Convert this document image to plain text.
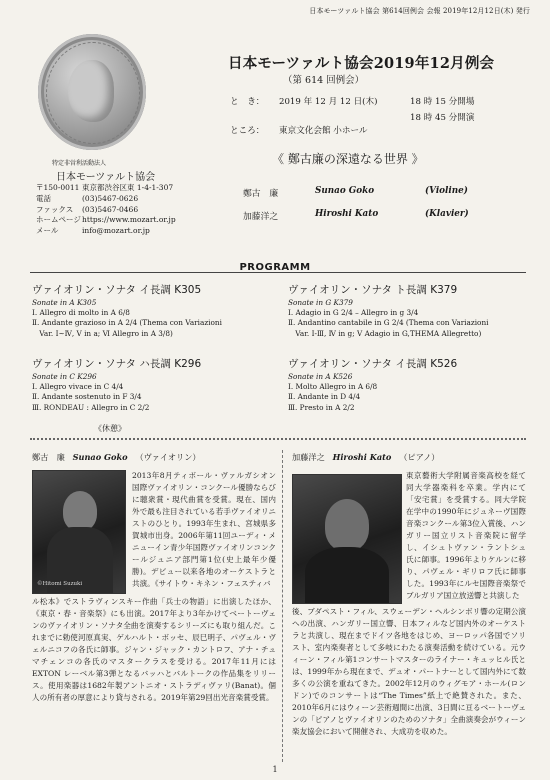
日本モーツァルト協会 第614回例会 会報 2019年12月12日(木) 発行
特定非営利活動法人
日本モーツァルト協会
〒150-0011 東京都渋谷区東 1-4-1-307
電話	(03)5467-0626
ファックス	(03)5467-0466
ホームページ https://www.mozart.or.jp
メール	info@mozart.or.jp
日本モーツァルト協会2019年12月例会
（第 614 回例会）
と　き： 2019 年 12 月 12 日(木)	18 時 15 分開場
18 時 45 分開演
ところ： 東京文化会館 小ホール
《 鄭古廉の深遠なる世界 》
鄭古　廉	Sunao Goko	(Violine)
加藤洋之	Hiroshi Kato	(Klavier)
PROGRAMM
ヴァイオリン・ソナタ イ長調 K305
Sonate in A K305
Ⅰ. Allegro di molto in A 6/8
Ⅱ. Andante grazioso in A 2/4 (Thema con Variazioni
　Var. Ⅰ~Ⅳ, Ⅴ in a; Ⅵ Allegro in A 3/8)
ヴァイオリン・ソナタ ト長調 K379
Sonate in G K379
Ⅰ. Adagio in G 2/4 – Allegro in g 3/4
Ⅱ. Andantino cantabile in G 2/4 (Thema con Variazioni
　Var. Ⅰ-Ⅲ, Ⅳ in g; Ⅴ Adagio in G,THEMA Allegretto)
ヴァイオリン・ソナタ ハ長調 K296
Sonate in C K296
Ⅰ. Allegro vivace in C 4/4
Ⅱ. Andante sostenuto in F 3/4
Ⅲ. RONDEAU : Allegro in C 2/2
ヴァイオリン・ソナタ イ長調 K526
Sonate in A K526
Ⅰ. Molto Allegro in A 6/8
Ⅱ. Andante in D 4/4
Ⅲ. Presto in A 2/2
《休憩》
鄭古　廉 Sunao Goko （ヴァイオリン）
©Hitomi Suzuki
2013年8月ティボール・ヴァルガシオン国際ヴァイオリン・コンクール優勝ならびに聴衆賞・現代曲賞を受賞。現在、国内外で最も注目されている若手ヴァイオリニストのひとり。1993年生まれ、宮城県多賀城市出身。2006年第11回ユーディ・メニューイン青少年国際ヴァイオリンコンクールジュニア部門第1位(史上最年少優勝)。デビュー以来各地のオーケストラと共演。《サイトウ・キネン・フェスティバ
ル松本》でストラヴィンスキー作曲「兵士の物語」に出演したほか、《東京・春・音楽祭》にも出演。2017年より3年かけてベートーヴェンのヴァイオリン・ソナタ全曲を演奏するシリーズにも取り組んだ。これまでに勅使河原真実、ゲルハルト・ボッセ、辰巳明子、パヴェル・ヴェルニコフの各氏に師事。ジャン・ジャック・カントロフ、アナ・チュマチェンコの各氏のマスタークラスを受ける。2017年11月にはEXTON レーベル第3弾となるバッハとバルトークの作品集をリリース。使用楽器は1682年製アントニオ・ストラディヴァリ(Banat)。個人の所有者の厚意により貸与される。2019年第29回出光音楽賞受賞。
加藤洋之 Hiroshi Kato （ピアノ）
東京藝術大学附属音楽高校を経て同大学器楽科を卒業。学内にて「安宅賞」を受賞する。同大学院在学中の1990年にジュネーヴ国際音楽コンクール第3位入賞後、ハンガリー国立リスト音楽院に留学し、イシュトヴァン・ラントシュ氏に師事。1996年よりケルンに移り、パヴェル・ギリロフ氏に師事した。1993年にルセ国際音楽祭でブルガリア国立放送響と共演した
後、ブダペスト・フィル、スウェーデン・ヘルシンボリ響の定期公演への出演、ハンガリー国立響、日本フィルなど国内外のオーケストラと共演し、現在までドイツ各地をはじめ、ヨーロッパ各国でソリスト、室内楽奏者として多岐にわたる演奏活動を続けている。元ウィーン・フィル第1コンサートマスターのライナー・キュッヒル氏とは、1999年から現在まで、デュオ・パートナーとして国内外にて数多くの公演を重ねてきた。2002年12月のウィグモア・ホール(ロンドン)でのコンサートは“The Times”紙上で絶賛された。また、2010年6月にはウィーン芸術週間に出演、3日間に亘るベートーヴェンの「ピアノとヴァイオリンのためのソナタ」全曲演奏会がウィーン楽友協会において開催され、大成功を収めた。
1
